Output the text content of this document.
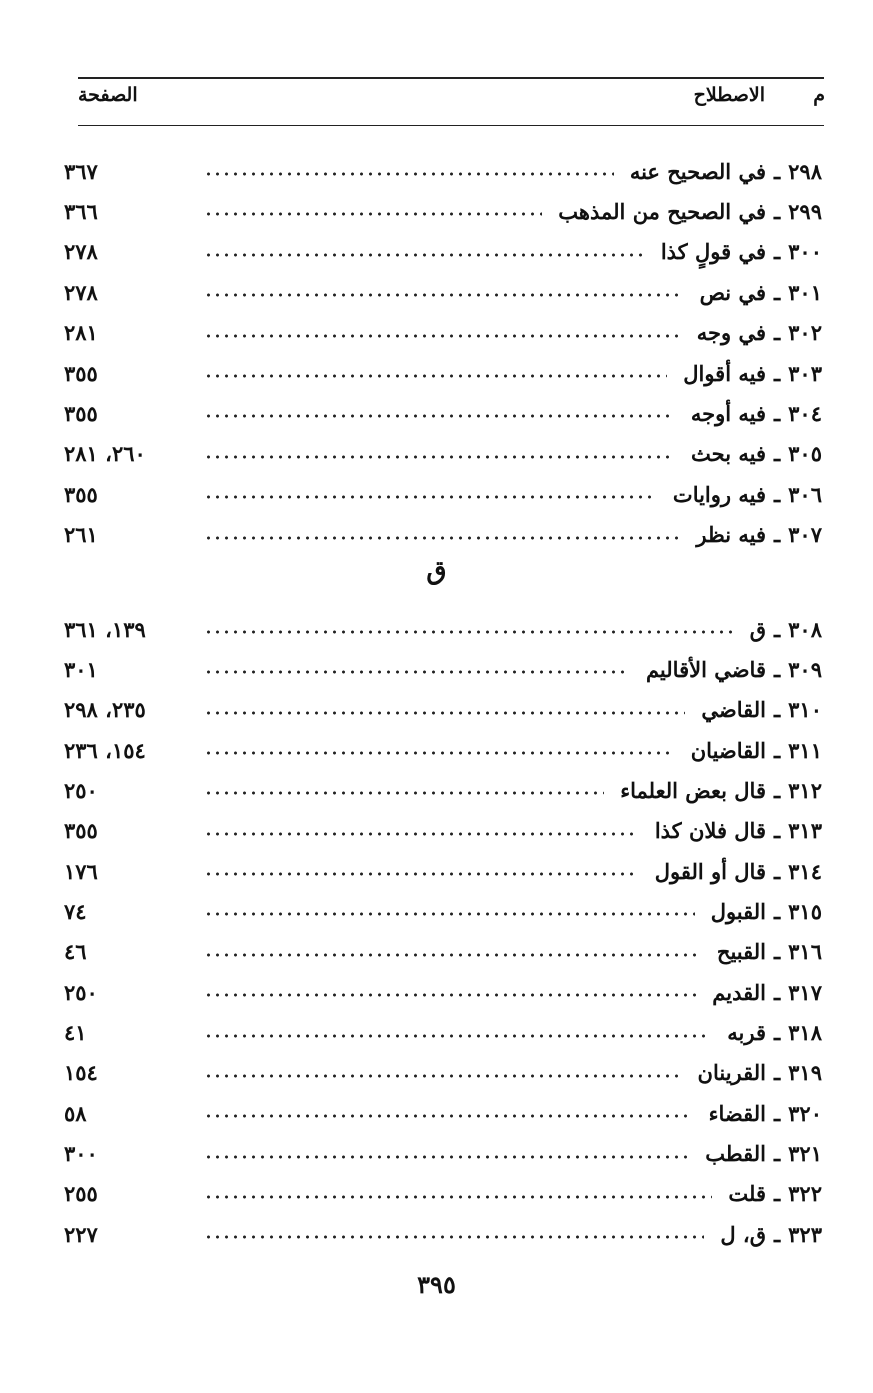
م
الاصطلاح
الصفحة
٢٩٨
ـ
في الصحيح عنه
٣٦٧
٢٩٩
ـ
في الصحيح من المذهب
٣٦٦
٣٠٠
ـ
في قولٍ كذا
٢٧٨
٣٠١
ـ
في نص
٢٧٨
٣٠٢
ـ
في وجه
٢٨١
٣٠٣
ـ
فيه أقوال
٣٥٥
٣٠٤
ـ
فيه أوجه
٣٥٥
٣٠٥
ـ
فيه بحث
٢٦٠، ٢٨١
٣٠٦
ـ
فيه روايات
٣٥٥
٣٠٧
ـ
فيه نظر
٢٦١
ق
٣٠٨
ـ
ق
١٣٩، ٣٦١
٣٠٩
ـ
قاضي الأقاليم
٣٠١
٣١٠
ـ
القاضي
٢٣٥، ٢٩٨
٣١١
ـ
القاضيان
١٥٤، ٢٣٦
٣١٢
ـ
قال بعض العلماء
٢٥٠
٣١٣
ـ
قال فلان كذا
٣٥٥
٣١٤
ـ
قال أو القول
١٧٦
٣١٥
ـ
القبول
٧٤
٣١٦
ـ
القبيح
٤٦
٣١٧
ـ
القديم
٢٥٠
٣١٨
ـ
قربه
٤١
٣١٩
ـ
القرينان
١٥٤
٣٢٠
ـ
القضاء
٥٨
٣٢١
ـ
القطب
٣٠٠
٣٢٢
ـ
قلت
٢٥٥
٣٢٣
ـ
ق، ل
٢٢٧
٣٩٥
